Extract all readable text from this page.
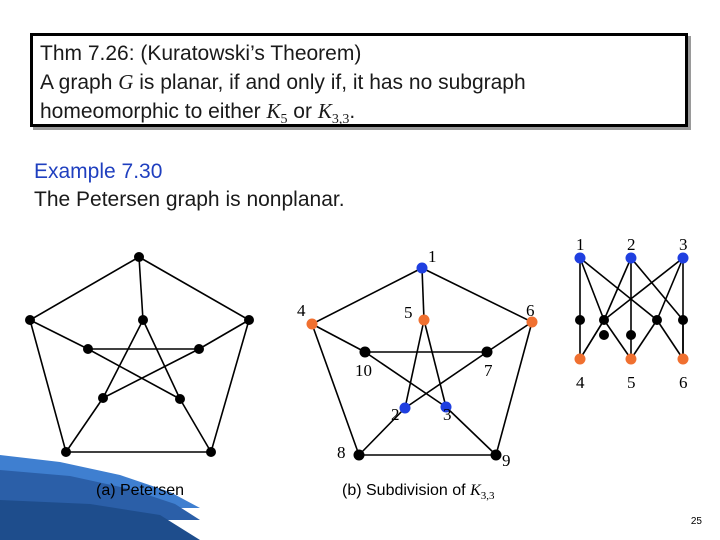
Thm 7.26: (Kuratowski’s Theorem)
A graph G is planar, if and only if, it has no subgraph
homeomorphic to either $K_5$ or $K_{3,3}$.
Example 7.30
The Petersen graph is nonplanar.
1
2	3
4	5	6
7
8	9
10
1	2	3
4	5	6
(a) Petersen	(b) Subdivision of $K_{3,3}$
25
